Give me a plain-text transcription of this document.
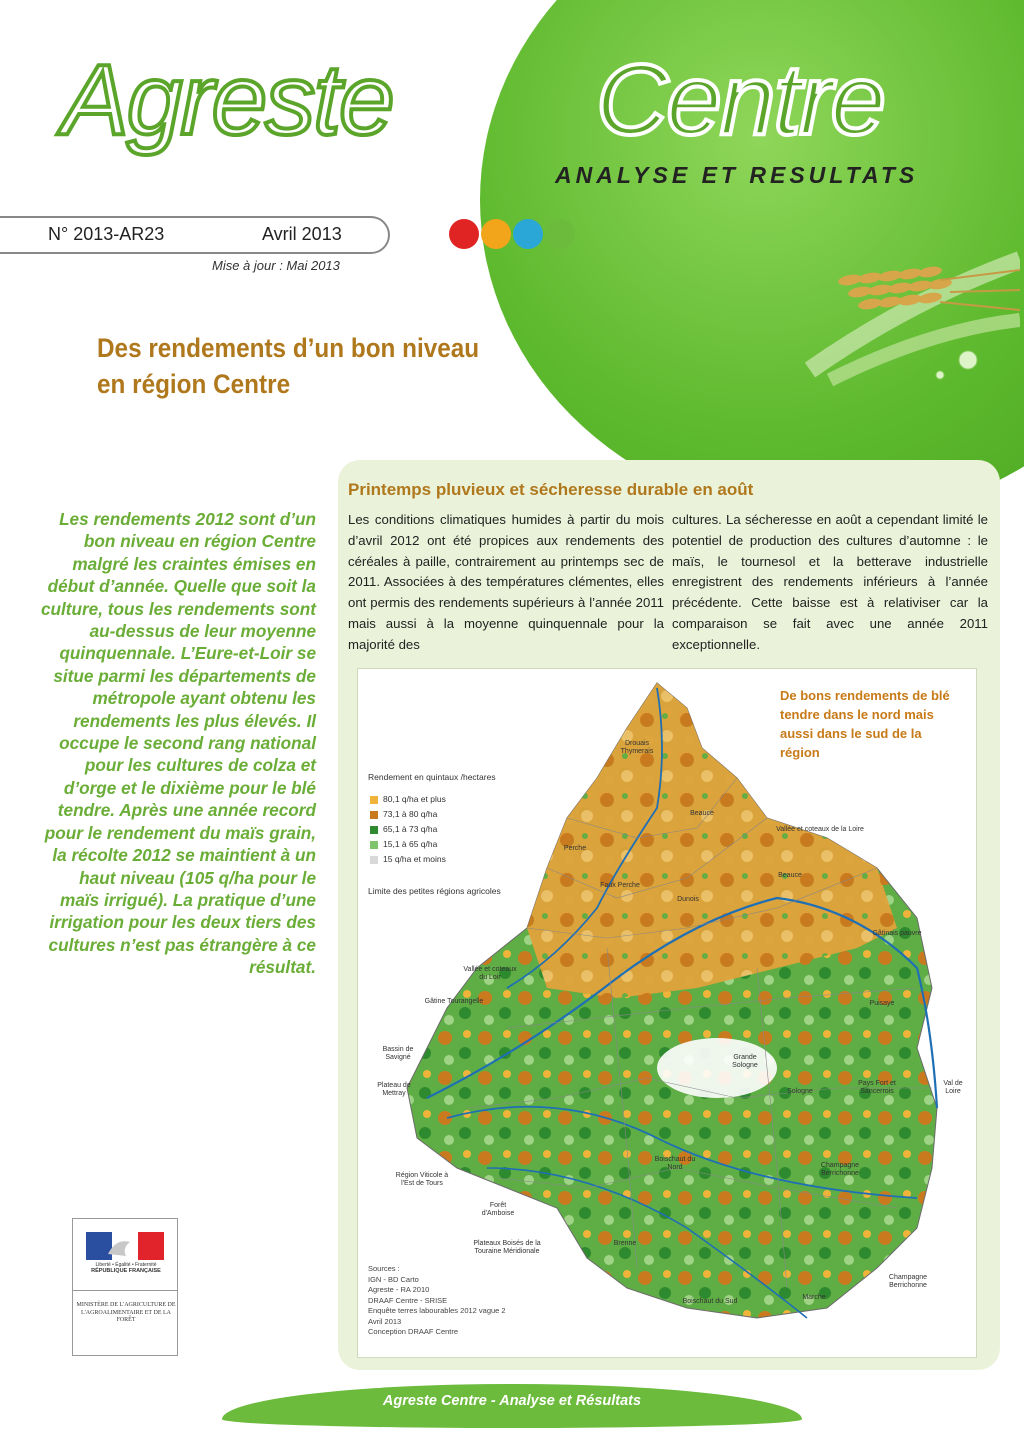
Agreste Centre
ANALYSE ET RESULTATS
N° 2013-AR23	Avril 2013
Mise à jour : Mai 2013
Des rendements d’un bon niveau
en région Centre
Les rendements 2012 sont d’un bon niveau en région Centre malgré les craintes émises en début d’année. Quelle que soit la culture, tous les rendements sont au-dessus de leur moyenne quinquennale. L’Eure-et-Loir se situe parmi les départements de métropole ayant obtenu les rendements les plus élevés. Il occupe le second rang national pour les cultures de colza et d’orge et le dixième pour le blé tendre. Après une année record pour le rendement du maïs grain, la récolte 2012 se maintient à un haut niveau (105 q/ha pour le maïs irrigué). La pratique d’une irrigation pour les deux tiers des cultures n’est pas étrangère à ce résultat.
Printemps pluvieux et sécheresse durable en août
Les conditions climatiques humides à partir du mois d’avril 2012 ont été propices aux rendements des céréales à paille, contrairement au printemps sec de 2011. Associées à des températures clémentes, elles ont permis des rendements supérieurs à l’année 2011 mais aussi à la moyenne quinquennale pour la majorité des
cultures. La sécheresse en août a cependant limité le potentiel de production des cultures d’automne : le maïs, le tournesol et la betterave industrielle enregistrent des rendements inférieurs à l’année précédente. Cette baisse est à relativiser car la comparaison se fait avec une année 2011 exceptionnelle.
De bons rendements de blé tendre dans le nord mais aussi dans le sud de la région
Rendement en quintaux /hectares
80,1 q/ha et plus
73,1 à 80 q/ha
65,1 à 73 q/ha
15,1 à 65 q/ha
15 q/ha et moins
Limite des petites régions agricoles
Sources :
IGN - BD Carto
Agreste - RA 2010
DRAAF Centre - SRISE
Enquête terres labourables 2012 vague 2
Avril 2013
Conception DRAAF Centre
Drouais Thymerais
Beauce
Perche
Faux Perche
Dunois
Vallée et coteaux de la Loire
Beauce
Gâtinais pauvre
Vallée et coteaux du Loir
Gâtine Tourangelle
Bassin de Savigné
Plateau de Mettray
Région Viticole à l'Est de Tours
Forêt d'Amboise
Plateaux Boisés de la Touraine Méridionale
Sologne
Grande Sologne
Puisaye
Val de Loire
Champagne Berrichonne
Boischaut du Sud
Marche
Pays Fort et Sancerrois
Brenne
Boischaut du Nord
Champagne Berrichonne
Liberté • Égalité • Fraternité
RÉPUBLIQUE FRANÇAISE
MINISTÈRE DE L'AGRICULTURE DE L'AGROALIMENTAIRE ET DE LA FORÊT
Agreste Centre - Analyse et Résultats
